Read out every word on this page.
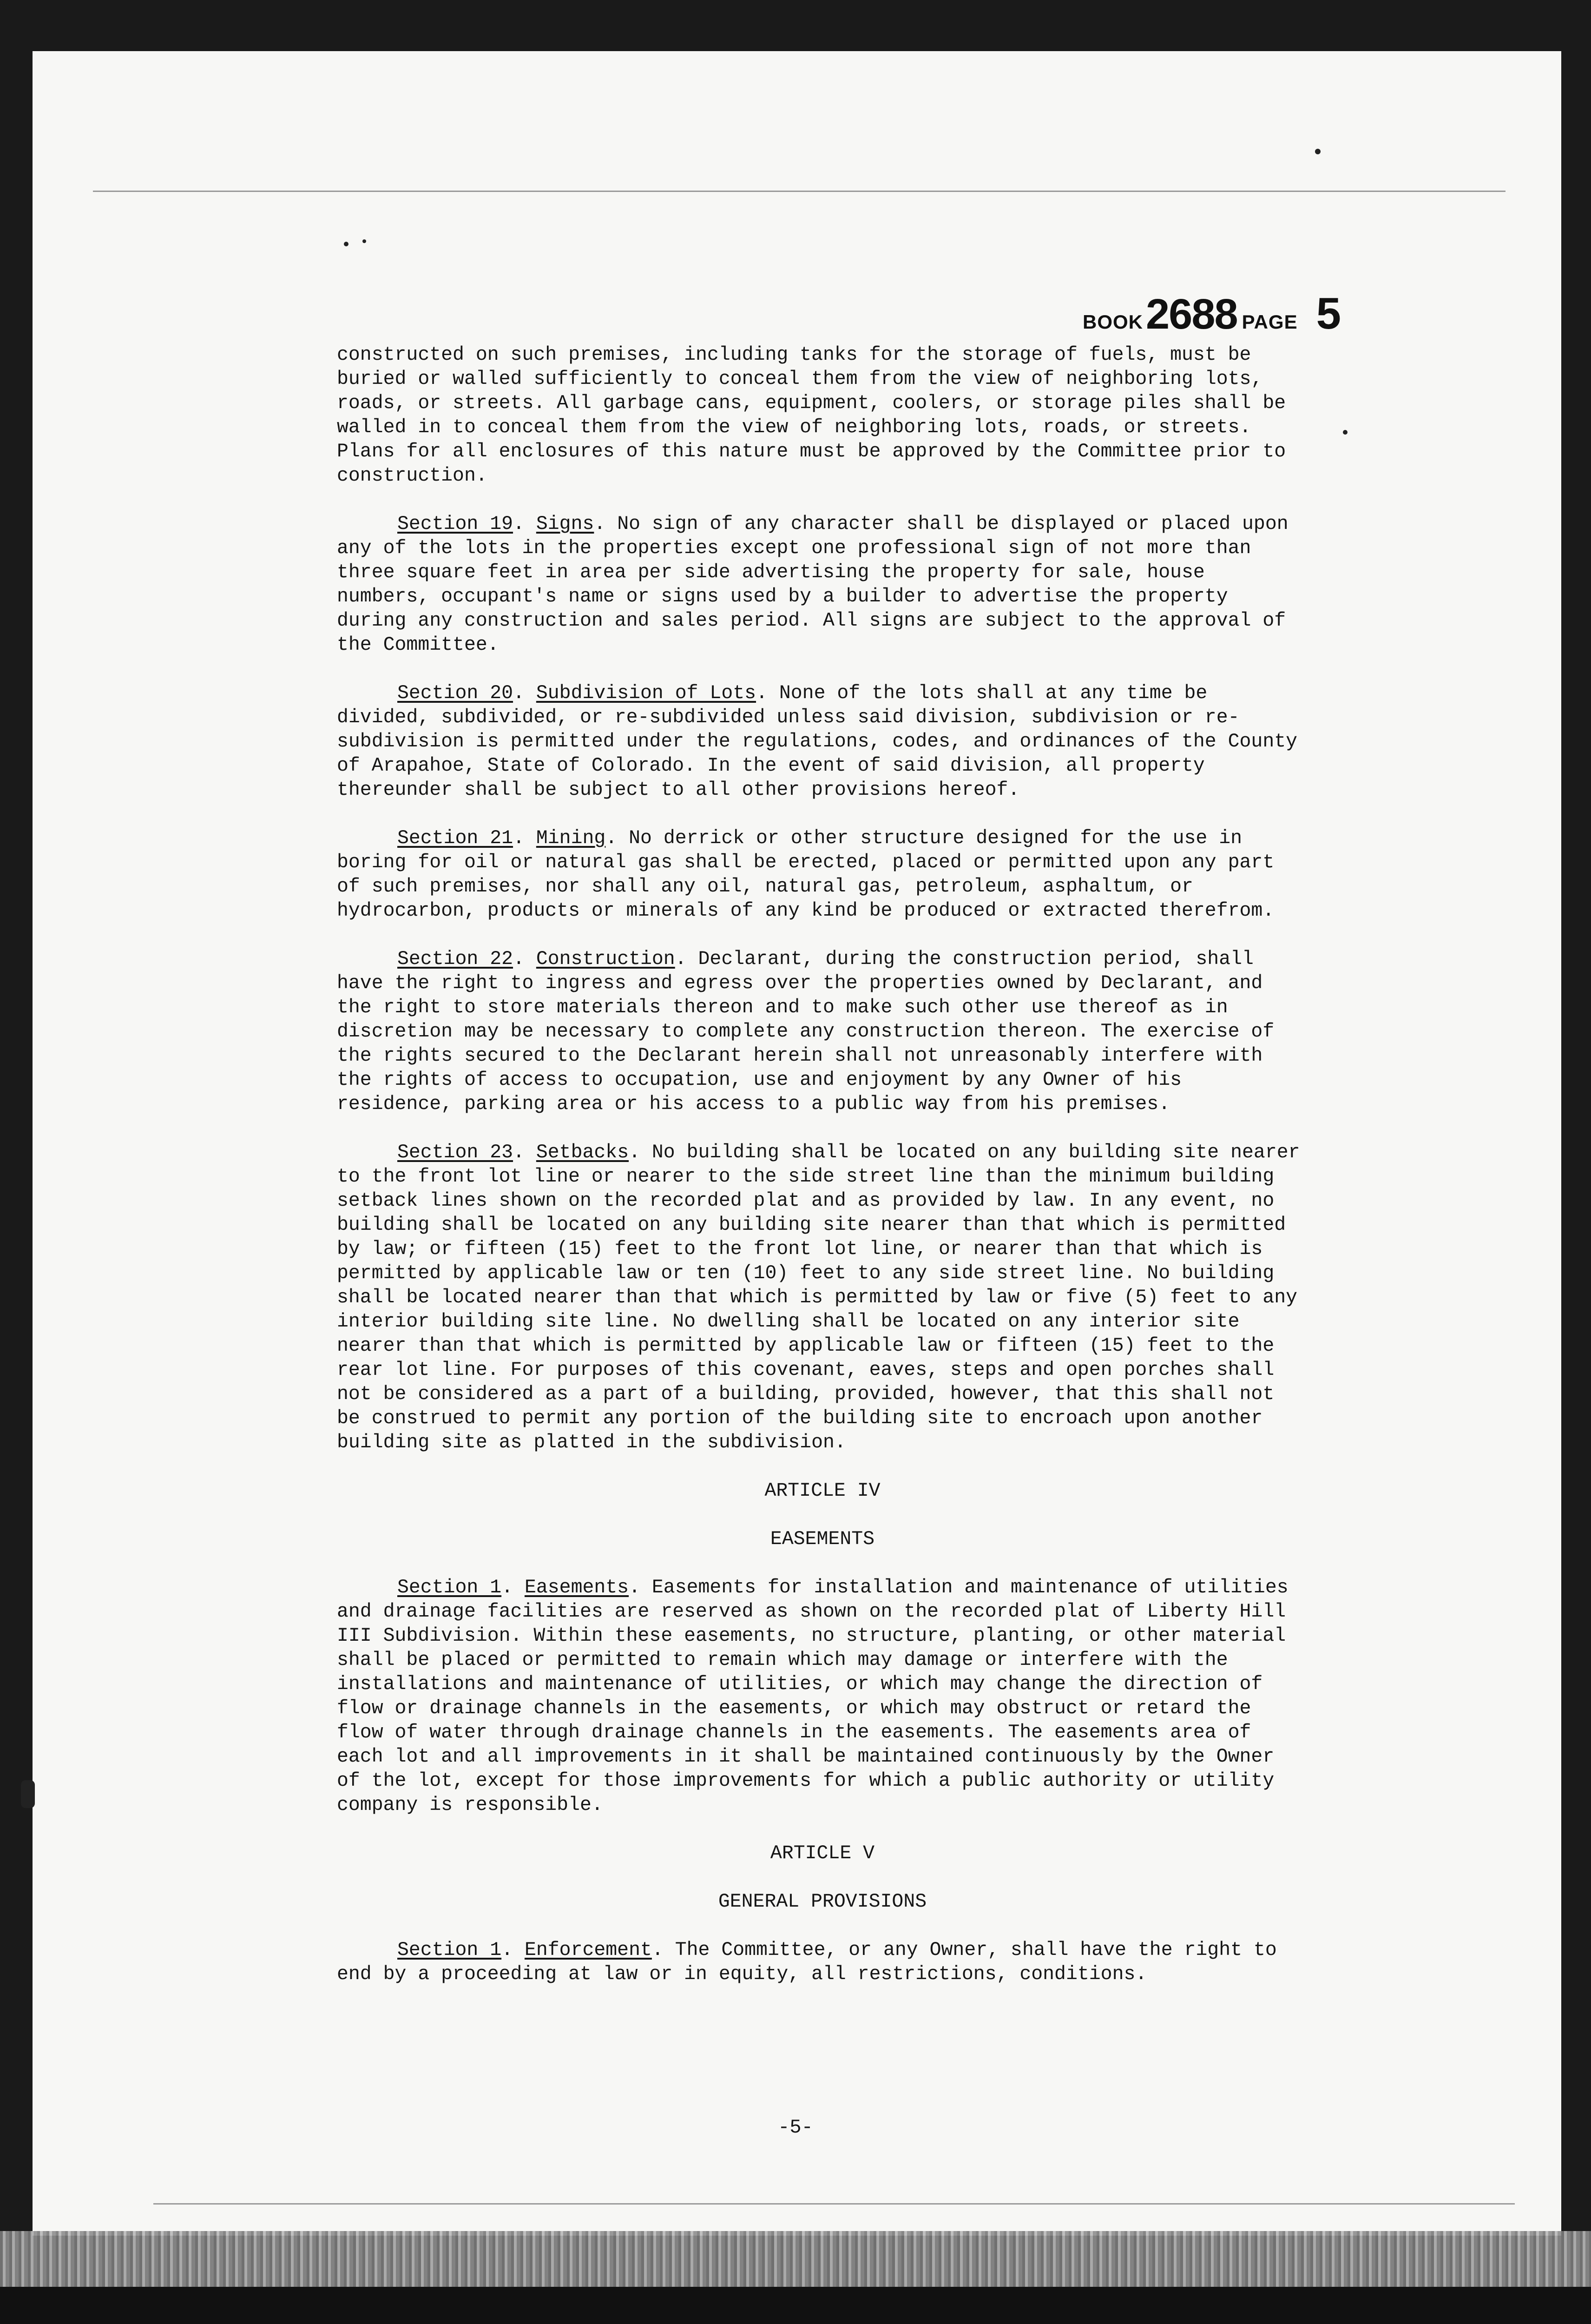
BOOK2688 PAGE 5

constructed on such premises, including tanks for the storage of fuels, must be buried or walled sufficiently to conceal them from the view of neighboring lots, roads, or streets. All garbage cans, equipment, coolers, or storage piles shall be walled in to conceal them from the view of neighboring lots, roads, or streets. Plans for all enclosures of this nature must be approved by the Committee prior to construction.

Section 19. Signs. No sign of any character shall be displayed or placed upon any of the lots in the properties except one professional sign of not more than three square feet in area per side advertising the property for sale, house numbers, occupant's name or signs used by a builder to advertise the property during any construction and sales period. All signs are subject to the approval of the Committee.

Section 20. Subdivision of Lots. None of the lots shall at any time be divided, subdivided, or re-subdivided unless said division, subdivision or re-subdivision is permitted under the regulations, codes, and ordinances of the County of Arapahoe, State of Colorado. In the event of said division, all property thereunder shall be subject to all other provisions hereof.

Section 21. Mining. No derrick or other structure designed for the use in boring for oil or natural gas shall be erected, placed or permitted upon any part of such premises, nor shall any oil, natural gas, petroleum, asphaltum, or hydrocarbon, products or minerals of any kind be produced or extracted therefrom.

Section 22. Construction. Declarant, during the construction period, shall have the right to ingress and egress over the properties owned by Declarant, and the right to store materials thereon and to make such other use thereof as in discretion may be necessary to complete any construction thereon. The exercise of the rights secured to the Declarant herein shall not unreasonably interfere with the rights of access to occupation, use and enjoyment by any Owner of his residence, parking area or his access to a public way from his premises.

Section 23. Setbacks. No building shall be located on any building site nearer to the front lot line or nearer to the side street line than the minimum building setback lines shown on the recorded plat and as provided by law. In any event, no building shall be located on any building site nearer than that which is permitted by law; or fifteen (15) feet to the front lot line, or nearer than that which is permitted by applicable law or ten (10) feet to any side street line. No building shall be located nearer than that which is permitted by law or five (5) feet to any interior building site line. No dwelling shall be located on any interior site nearer than that which is permitted by applicable law or fifteen (15) feet to the rear lot line. For purposes of this covenant, eaves, steps and open porches shall not be considered as a part of a building, provided, however, that this shall not be construed to permit any portion of the building site to encroach upon another building site as platted in the subdivision.

ARTICLE IV

EASEMENTS

Section 1. Easements. Easements for installation and maintenance of utilities and drainage facilities are reserved as shown on the recorded plat of Liberty Hill III Subdivision. Within these easements, no structure, planting, or other material shall be placed or permitted to remain which may damage or interfere with the installations and maintenance of utilities, or which may change the direction of flow or drainage channels in the easements, or which may obstruct or retard the flow of water through drainage channels in the easements. The easements area of each lot and all improvements in it shall be maintained continuously by the Owner of the lot, except for those improvements for which a public authority or utility company is responsible.

ARTICLE V

GENERAL PROVISIONS

Section 1. Enforcement. The Committee, or any Owner, shall have the right to end by a proceeding at law or in equity, all restrictions, conditions.

-5-
